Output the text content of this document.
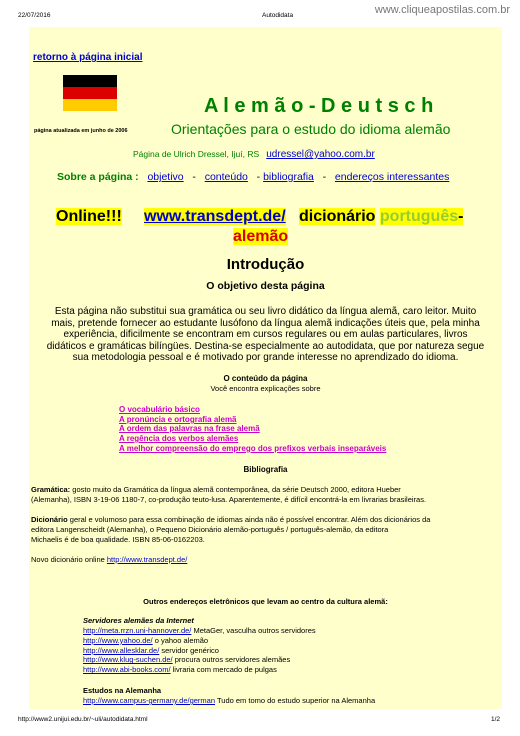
22/07/2016	Autodidata	www.cliqueapostilas.com.br
retorno à página inicial
página atualizada em junho de 2006
A l e m ã o - D e u t s c h
Orientações para o estudo do idioma alemão
Página de Ulrich Dressel, Ijuí, RS udressel@yahoo.com.br
Sobre a página : objetivo - conteúdo - bibliografia - endereços interessantes
Online!!! www.transdept.de/ dicionário português-
alemão
Introdução
O objetivo desta página
Esta página não substitui sua gramática ou seu livro didático da língua alemã, caro leitor. Muito
mais, pretende fornecer ao estudante lusófono da língua alemã indicações úteis que, pela minha
experiência, dificilmente se encontram em cursos regulares ou em aulas particulares, livros
didáticos e gramáticas bilíngües. Destina-se especialmente ao autodidata, que por natureza segue
sua metodologia pessoal e é motivado por grande interesse no aprendizado do idioma.
O conteúdo da página
Você encontra explicações sobre
O vocabulário básico
A pronúncia e ortografia alemã
A ordem das palavras na frase alemã
A regência dos verbos alemães
A melhor compreensão do emprego dos prefixos verbais inseparáveis
Bibliografia
Gramática: gosto muito da Gramática da língua alemã contemporânea, da série Deutsch 2000, editora Hueber
(Alemanha), ISBN 3-19-06 1180-7, co-produção teuto-lusa. Aparentemente, é difícil encontrá-la em livrarias brasileiras.
Dicionário geral e volumoso para essa combinação de idiomas ainda não é possível encontrar. Além dos dicionários da
editora Langenscheidt (Alemanha), o Pequeno Dicionário alemão-português / português-alemão, da editora
Michaelis é de boa qualidade. ISBN 85-06-0162203.
Novo dicionário online http://www.transdept.de/
Outros endereços eletrônicos que levam ao centro da cultura alemã:
Servidores alemães da Internet
http://meta.rrzn.uni-hannover.de/ MetaGer, vasculha outros servidores
http://www.yahoo.de/ o yahoo alemão
http://www.allesklar.de/ servidor genérico
http://www.klug-suchen.de/ procura outros servidores alemães
http://www.abi-books.com/ livraria com mercado de pulgas
Estudos na Alemanha
http://www.campus-germany.de/german Tudo em tomo do estudo superior na Alemanha
http://www2.unijui.edu.br/~uli/autodidata.html	1/2
